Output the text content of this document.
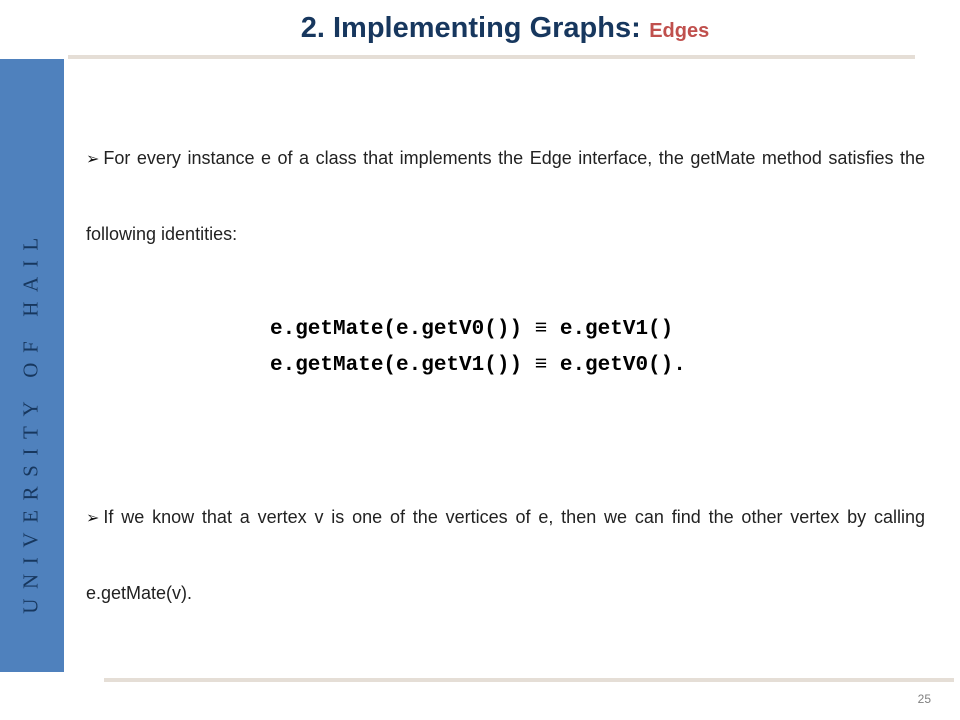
2. Implementing Graphs: Edges
UNIVERSITY OF HAIL

➢ For every instance e of a class that implements the Edge interface, the getMate method satisfies the following identities:

e.getMate(e.getV0()) ≡ e.getV1()
e.getMate(e.getV1()) ≡ e.getV0().

➢ If we know that a vertex v is one of the vertices of e, then we can find the other vertex by calling e.getMate(v).

25
